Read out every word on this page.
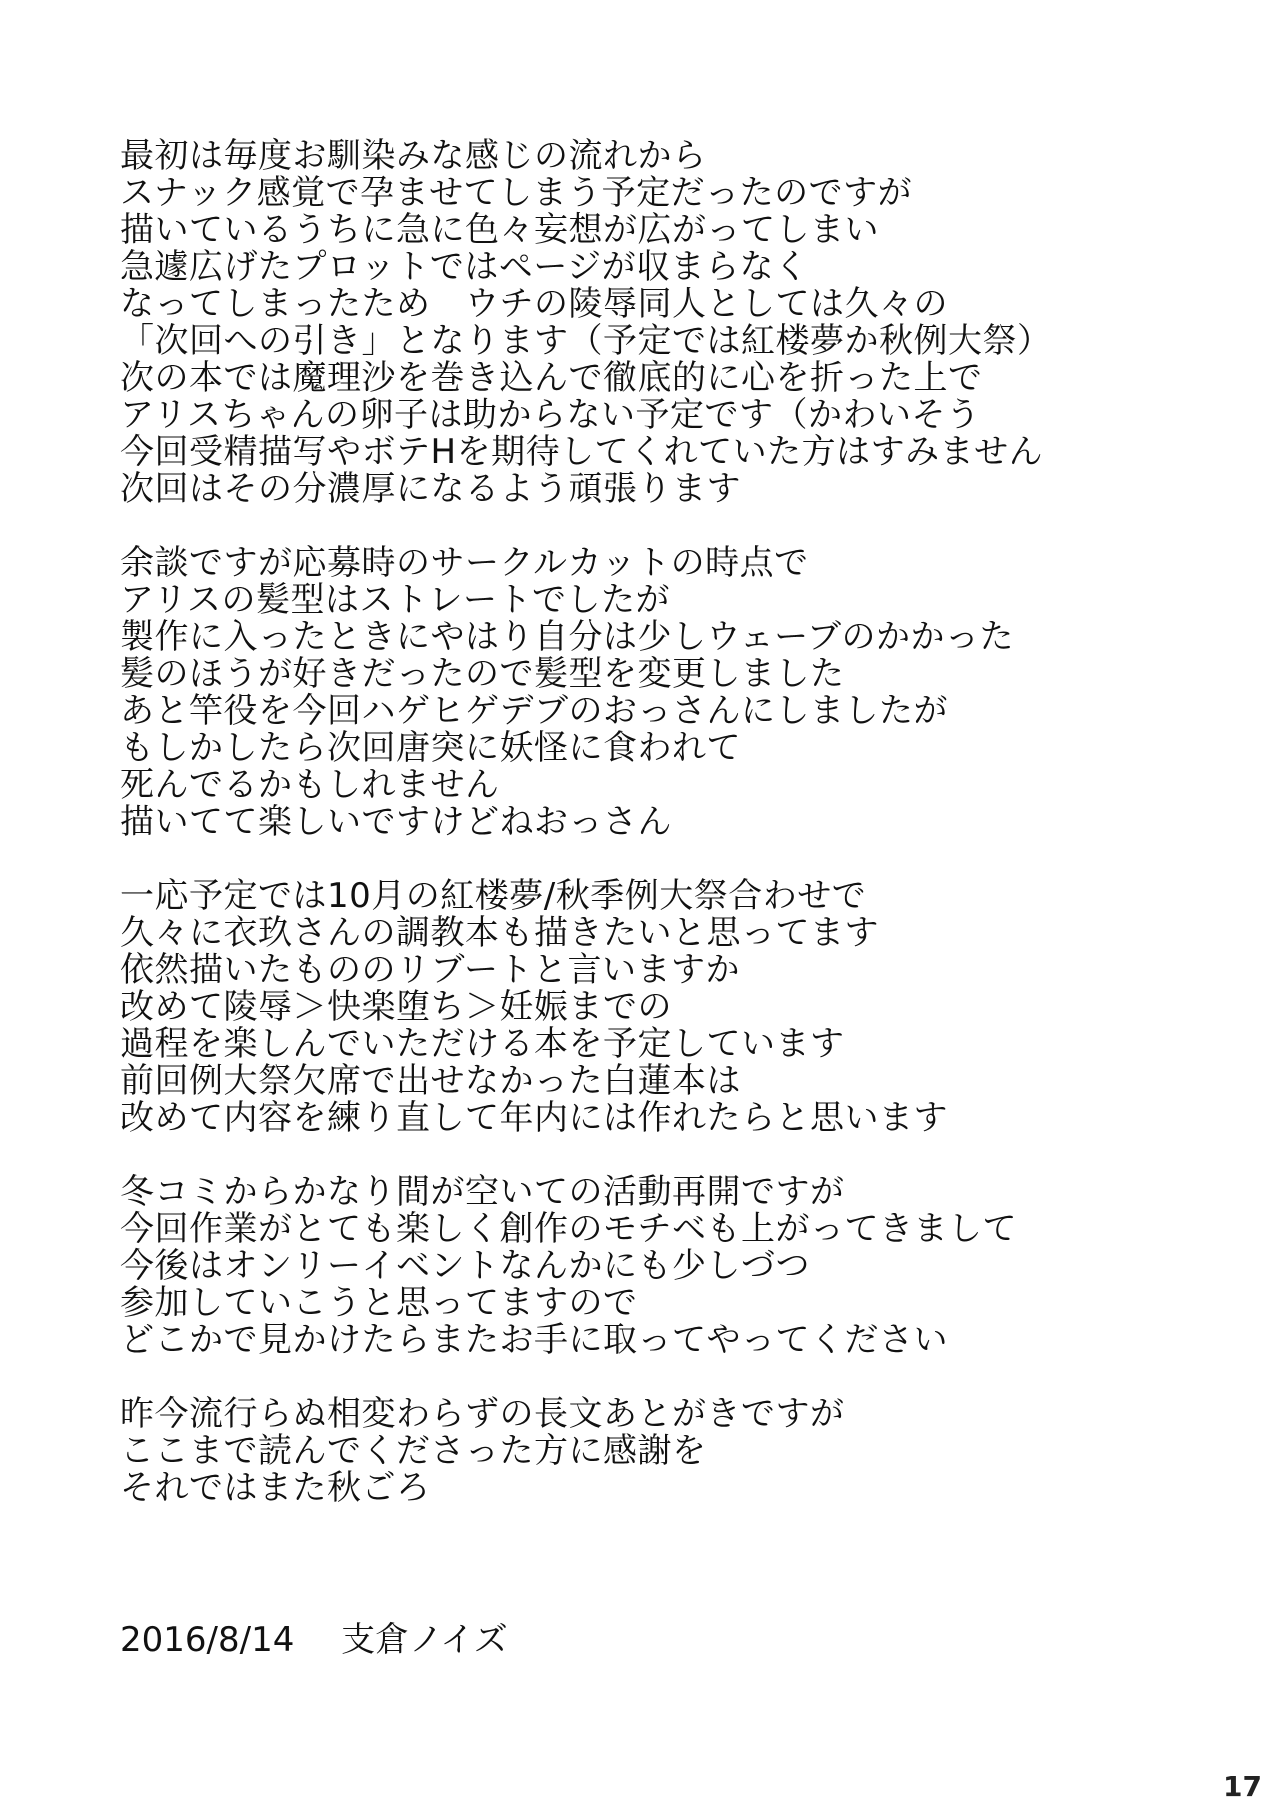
最初は毎度お馴染みな感じの流れから
スナック感覚で孕ませてしまう予定だったのですが
描いているうちに急に色々妄想が広がってしまい
急遽広げたプロットではページが収まらなく
なってしまったため　ウチの陵辱同人としては久々の
「次回への引き」となります（予定では紅楼夢か秋例大祭）
次の本では魔理沙を巻き込んで徹底的に心を折った上で
アリスちゃんの卵子は助からない予定です（かわいそう
今回受精描写やボテHを期待してくれていた方はすみません
次回はその分濃厚になるよう頑張ります
余談ですが応募時のサークルカットの時点で
アリスの髪型はストレートでしたが
製作に入ったときにやはり自分は少しウェーブのかかった
髪のほうが好きだったので髪型を変更しました
あと竿役を今回ハゲヒゲデブのおっさんにしましたが
もしかしたら次回唐突に妖怪に食われて
死んでるかもしれません
描いてて楽しいですけどねおっさん
一応予定では10月の紅楼夢/秋季例大祭合わせで
久々に衣玖さんの調教本も描きたいと思ってます
依然描いたもののリブートと言いますか
改めて陵辱＞快楽堕ち＞妊娠までの
過程を楽しんでいただける本を予定しています
前回例大祭欠席で出せなかった白蓮本は
改めて内容を練り直して年内には作れたらと思います
冬コミからかなり間が空いての活動再開ですが
今回作業がとても楽しく創作のモチベも上がってきまして
今後はオンリーイベントなんかにも少しづつ
参加していこうと思ってますので
どこかで見かけたらまたお手に取ってやってください
昨今流行らぬ相変わらずの長文あとがきですが
ここまで読んでくださった方に感謝を
それではまた秋ごろ
2016/8/14 支倉ノイズ
17
